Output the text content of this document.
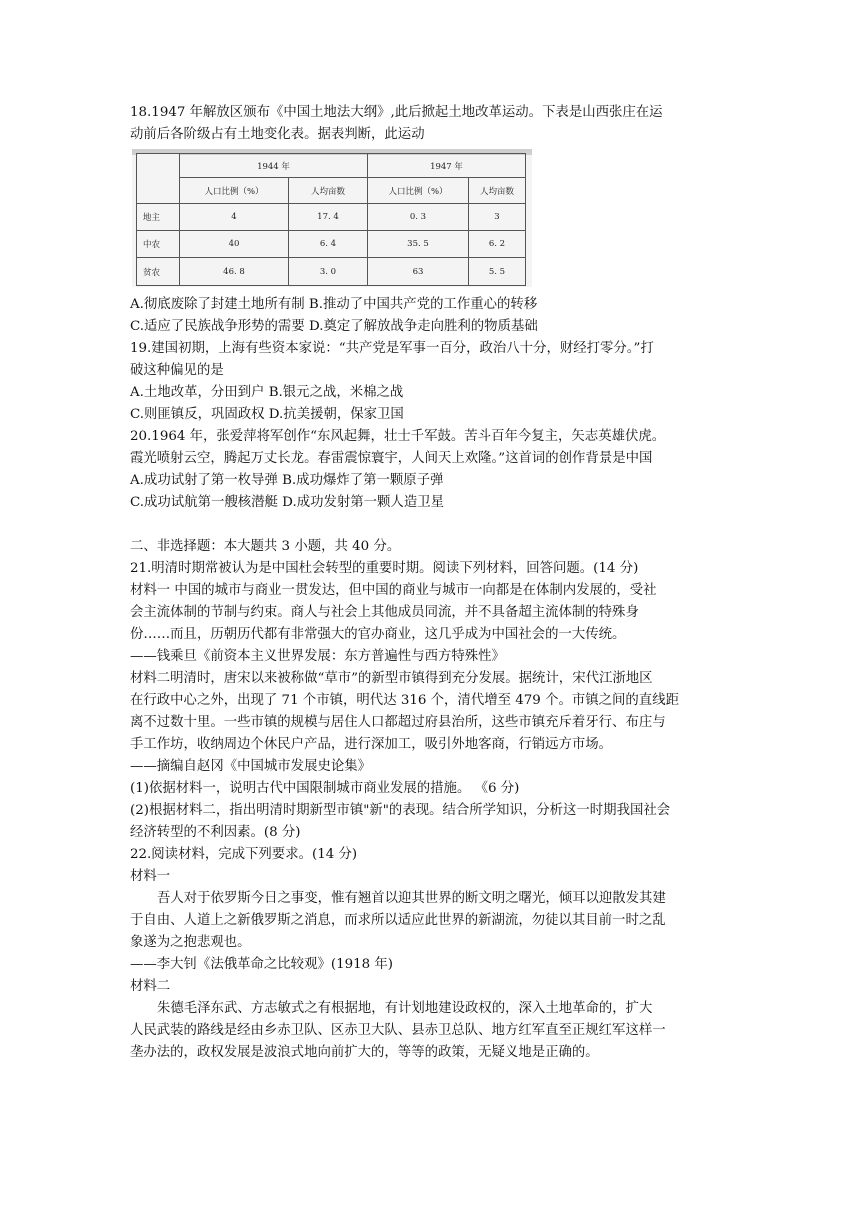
18.1947 年解放区颁布《中国土地法大纲》,此后掀起土地改革运动。下表是山西张庄在运

动前后各阶级占有土地变化表。据表判断，此运动

	1944 年		1947 年	
	人口比例（%）	人均亩数	人口比例（%）	人均亩数
地主	4	17. 4	0. 3	3
中农	40	6. 4	35. 5	6. 2
贫农	46. 8	3. 0	63	5. 5

A.彻底废除了封建土地所有制 B.推动了中国共产党的工作重心的转移

C.适应了民族战争形势的需要 D.奠定了解放战争走向胜利的物质基础

19.建国初期，上海有些资本家说：“共产党是军事一百分，政治八十分，财经打零分。”打

破这种偏见的是

A.土地改革，分田到户 B.银元之战，米棉之战

C.则匪镇反，巩固政权 D.抗美援朝，保家卫国

20.1964 年，张爱萍将军创作“东风起舞，壮士千军鼓。苦斗百年今复主，矢志英雄伏虎。

霞光喷射云空，腾起万丈长龙。春雷震惊寰宇，人间天上欢隆。”这首词的创作背景是中国

A.成功试射了第一枚导弹 B.成功爆炸了第一颗原子弹

C.成功试航第一艘核潜艇 D.成功发射第一颗人造卫星

二、非选择题：本大题共 3 小题，共 40 分。

21.明清时期常被认为是中国杜会转型的重要时期。阅读下列材料，回答问题。(14 分)

材料一 中国的城市与商业一贯发达，但中国的商业与城市一向都是在体制内发展的，受社

会主流体制的节制与约束。商人与社会上其他成员同流，并不具备超主流体制的特殊身

份……而且，历朝历代都有非常强大的官办商业，这几乎成为中国社会的一大传统。

——钱乘旦《前资本主义世界发展：东方普遍性与西方特殊性》

材料二明清时，唐宋以来被称做“草市”的新型市镇得到充分发展。据统计，宋代江浙地区

在行政中心之外，出现了 71 个市镇，明代达 316 个，清代增至 479 个。市镇之间的直线距

离不过数十里。一些市镇的规模与居住人口都超过府县治所，这些市镇充斥着牙行、布庄与

手工作坊，收纳周边个休民户产品，进行深加工，吸引外地客商，行销远方市场。

——摘编自赵冈《中国城市发展史论集》

(1)依据材料一，说明古代中国限制城市商业发展的措施。 《6 分)

(2)根据材料二，指出明清时期新型市镇"新"的表现。结合所学知识，分析这一时期我国社会

经济转型的不利因素。(8 分)

22.阅读材料，完成下列要求。(14 分)

材料一

吾人对于依罗斯今日之事变，惟有翘首以迎其世界的断文明之曙光，倾耳以迎散发其建

于自由、人道上之新俄罗斯之消息，而求所以适应此世界的新湖流，勿徒以其目前一时之乱

象遂为之抱悲观也。

——李大钊《法俄革命之比较观》(1918 年)

材料二

朱德毛泽东武、方志敏式之有根据地，有计划地建设政权的，深入土地革命的，扩大

人民武装的路线是经由乡赤卫队、区赤卫大队、县赤卫总队、地方红军直至正规红军这样一

垄办法的，政权发展是波浪式地向前扩大的，等等的政策，无疑义地是正确的。
